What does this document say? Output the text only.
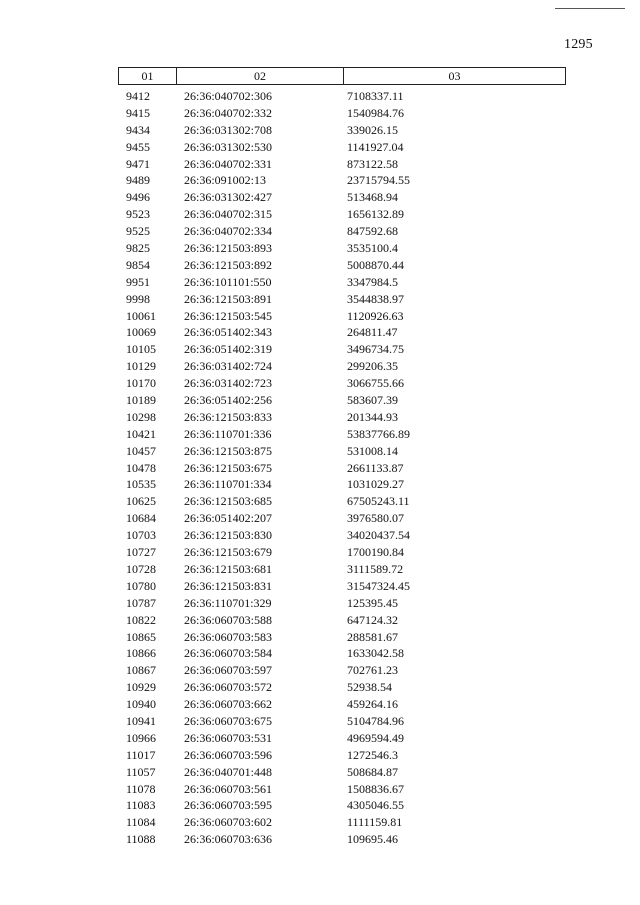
1295
01	02	03
9412	26:36:040702:306	7108337.11
9415	26:36:040702:332	1540984.76
9434	26:36:031302:708	339026.15
9455	26:36:031302:530	1141927.04
9471	26:36:040702:331	873122.58
9489	26:36:091002:13	23715794.55
9496	26:36:031302:427	513468.94
9523	26:36:040702:315	1656132.89
9525	26:36:040702:334	847592.68
9825	26:36:121503:893	3535100.4
9854	26:36:121503:892	5008870.44
9951	26:36:101101:550	3347984.5
9998	26:36:121503:891	3544838.97
10061 26:36:121503:545	1120926.63
10069 26:36:051402:343	264811.47
10105 26:36:051402:319	3496734.75
10129 26:36:031402:724	299206.35
10170 26:36:031402:723	3066755.66
10189 26:36:051402:256	583607.39
10298 26:36:121503:833	201344.93
10421 26:36:110701:336	53837766.89
10457 26:36:121503:875	531008.14
10478 26:36:121503:675	2661133.87
10535 26:36:110701:334	1031029.27
10625 26:36:121503:685	67505243.11
10684 26:36:051402:207	3976580.07
10703 26:36:121503:830	34020437.54
10727 26:36:121503:679	1700190.84
10728 26:36:121503:681	3111589.72
10780 26:36:121503:831	31547324.45
10787 26:36:110701:329	125395.45
10822 26:36:060703:588	647124.32
10865 26:36:060703:583	288581.67
10866 26:36:060703:584	1633042.58
10867 26:36:060703:597	702761.23
10929 26:36:060703:572	52938.54
10940 26:36:060703:662	459264.16
10941 26:36:060703:675	5104784.96
10966 26:36:060703:531	4969594.49
11017 26:36:060703:596	1272546.3
11057 26:36:040701:448	508684.87
11078 26:36:060703:561	1508836.67
11083 26:36:060703:595	4305046.55
11084 26:36:060703:602	1111159.81
11088 26:36:060703:636	109695.46
